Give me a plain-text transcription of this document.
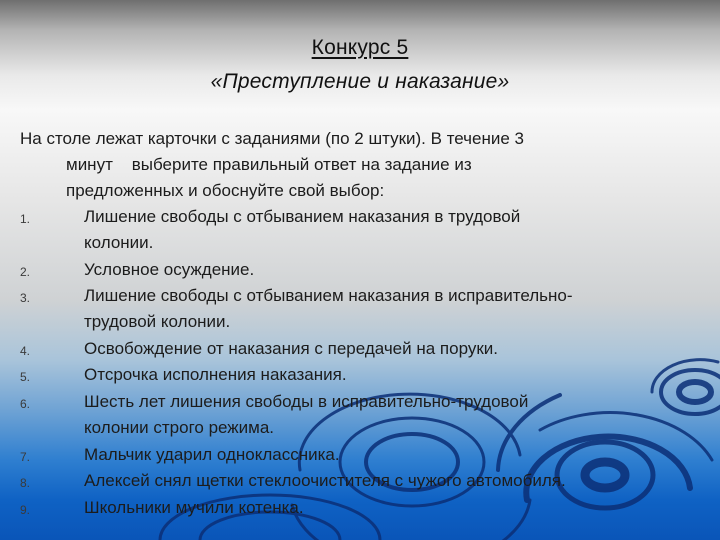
Конкурс 5
«Преступление и наказание»
На столе лежат карточки с заданиями (по 2 штуки). В течение 3
минут    выберите правильный ответ на задание из
предложенных и обоснуйте свой выбор:
1.	Лишение свободы с отбыванием наказания в трудовой
колонии.
2.	Условное осуждение.
3.	Лишение свободы с отбыванием наказания в исправительно-
трудовой колонии.
4.	Освобождение от наказания с передачей на поруки.
5.	Отсрочка исполнения наказания.
6.	Шесть лет лишения свободы в исправительно-трудовой
колонии строго режима.
7.	Мальчик ударил одноклассника.
8.	Алексей снял щетки стеклоочистителя с чужого автомобиля.
9.	Школьники мучили котенка.
